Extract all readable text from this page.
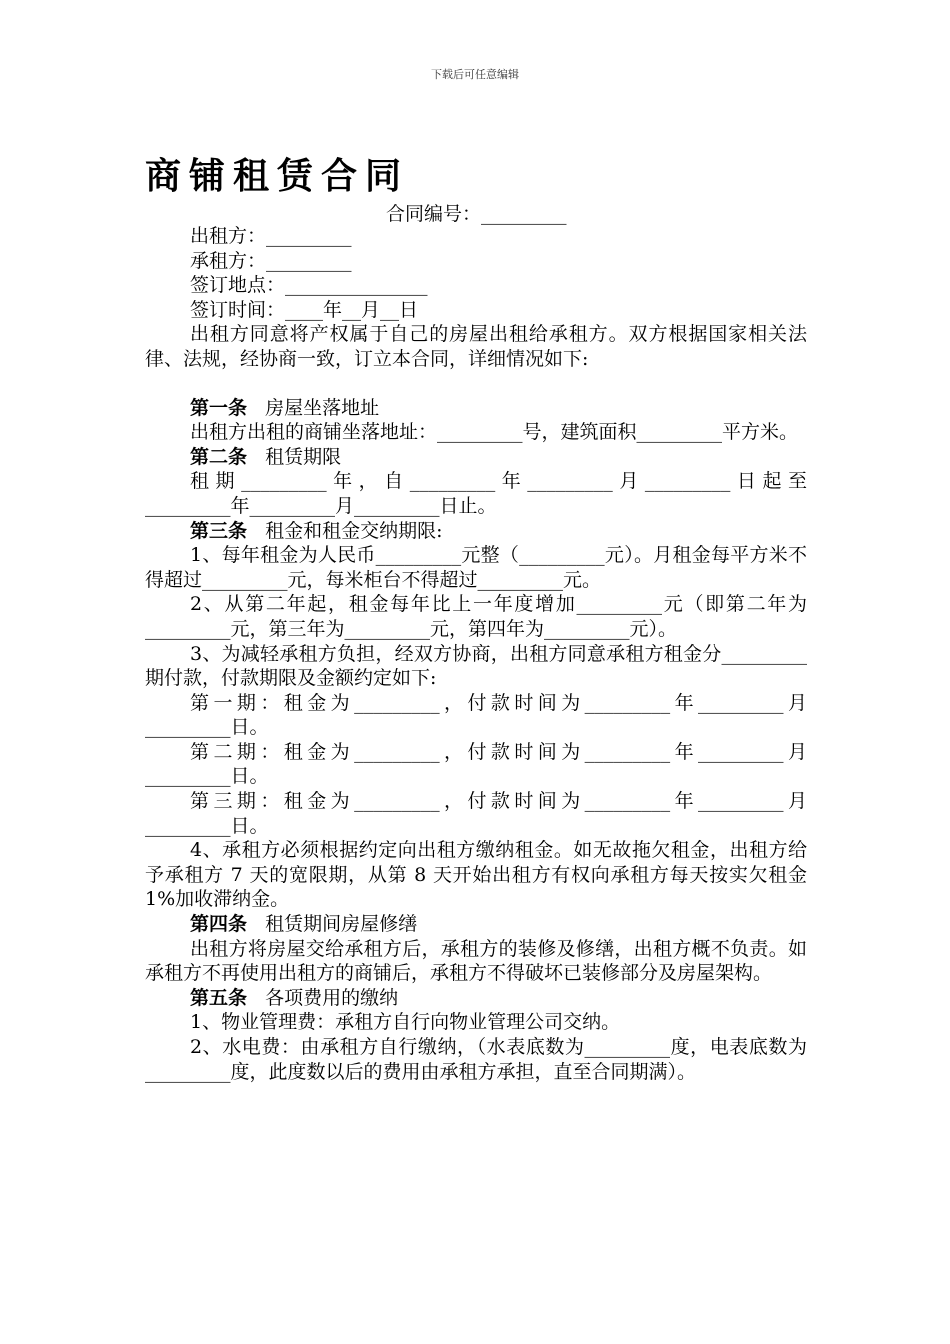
下载后可任意编辑
商铺租赁合同
合同编号：_________

出租方：_________

承租方：_________

签订地点：_______________

签订时间：____年__月__日

出租方同意将产权属于自己的房屋出租给承租方。双方根据国家相关法律、法规，经协商一致，订立本合同，详细情况如下:

第一条 房屋坐落地址

出租方出租的商铺坐落地址：_________号，建筑面积_________平方米。

第二条 租赁期限

租期_________年，自_________年_________月_________日起至_________年_________月_________日止。

第三条 租金和租金交纳期限:

1、每年租金为人民币_________元整（_________元）。月租金每平方米不得超过_________元，每米柜台不得超过_________元。

2、从第二年起，租金每年比上一年度增加_________元（即第二年为_________元，第三年为_________元，第四年为_________元）。

3、为减轻承租方负担，经双方协商，出租方同意承租方租金分_________期付款，付款期限及金额约定如下:

第一期：租金为_________，付款时间为_________年_________月_________日。

第二期：租金为_________，付款时间为_________年_________月_________日。

第三期：租金为_________，付款时间为_________年_________月_________日。

4、承租方必须根据约定向出租方缴纳租金。如无故拖欠租金，出租方给予承租方 7 天的宽限期，从第 8 天开始出租方有权向承租方每天按实欠租金 1%加收滞纳金。

第四条 租赁期间房屋修缮

出租方将房屋交给承租方后，承租方的装修及修缮，出租方概不负责。如承租方不再使用出租方的商铺后，承租方不得破坏已装修部分及房屋架构。

第五条 各项费用的缴纳

1、物业管理费：承租方自行向物业管理公司交纳。

2、水电费：由承租方自行缴纳，（水表底数为_________度，电表底数为_________度，此度数以后的费用由承租方承担，直至合同期满）。
